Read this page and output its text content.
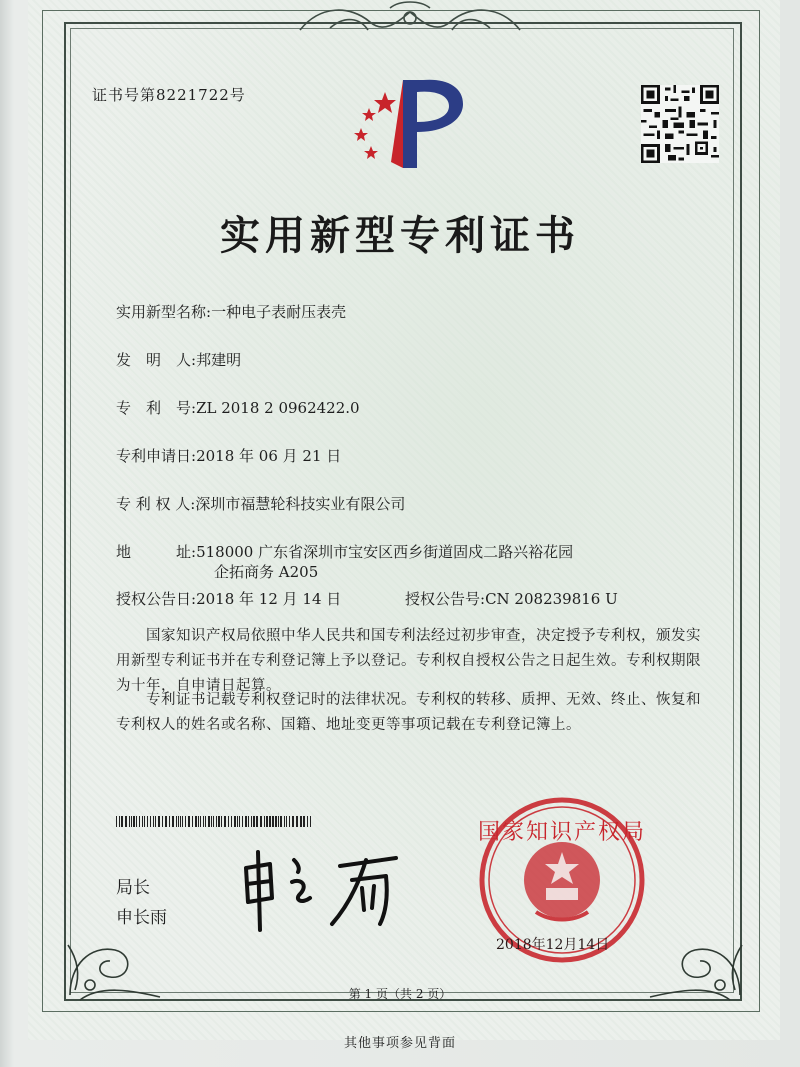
证书号第8221722号
实用新型专利证书
实用新型名称:一种电子表耐压表壳
发　明　人:邦建明
专　利　号:ZL 2018 2 0962422.0
专利申请日:2018 年 06 月 21 日
专 利 权 人:深圳市福慧轮科技实业有限公司
地　　　址:518000 广东省深圳市宝安区西乡街道固戍二路兴裕花园
企拓商务 A205
授权公告日:2018 年 12 月 14 日	授权公告号:CN 208239816 U
国家知识产权局依照中华人民共和国专利法经过初步审查，决定授予专利权，颁发实用新型专利证书并在专利登记簿上予以登记。专利权自授权公告之日起生效。专利权期限为十年，自申请日起算。
专利证书记载专利权登记时的法律状况。专利权的转移、质押、无效、终止、恢复和专利权人的姓名或名称、国籍、地址变更等事项记载在专利登记簿上。
局长
申长雨
国家知识产权局
2018年12月14日
第 1 页（共 2 页）
其他事项参见背面
